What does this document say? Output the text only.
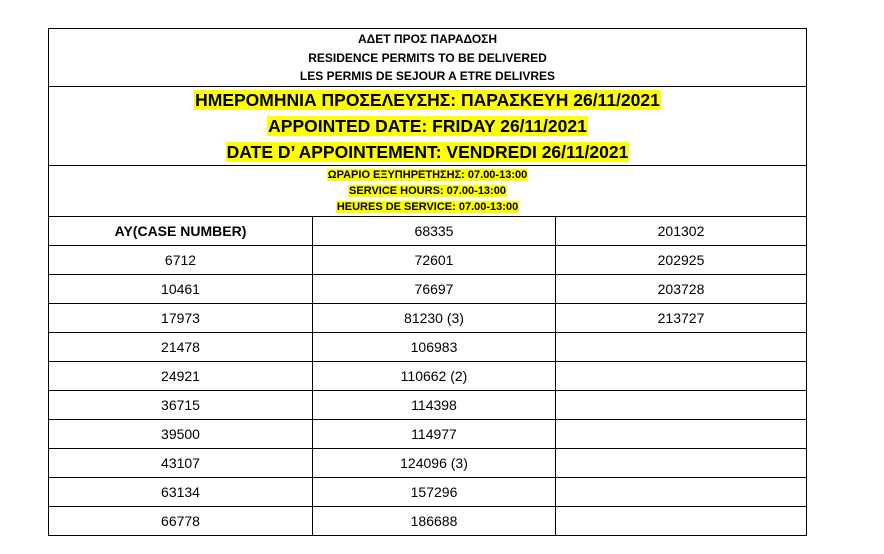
ΑΔΕΤ ΠΡΟΣ ΠΑΡΑΔΟΣΗ
RESIDENCE PERMITS TO BE DELIVERED
LES PERMIS DE SEJOUR A ETRE DELIVRES		

ΗΜΕΡΟΜΗΝΙΑ ΠΡΟΣΕΛΕΥΣΗΣ: ΠΑΡΑΣΚΕΥΗ 26/11/2021
APPOINTED DATE: FRIDAY 26/11/2021
DATE D’ APPOINTEMENT: VENDREDI 26/11/2021		

ΩΡΑΡΙΟ ΕΞΥΠΗΡΕΤΗΣΗΣ: 07.00-13:00
SERVICE HOURS: 07.00-13:00
HEURES DE SERVICE: 07.00-13:00		

AY(CASE NUMBER)	68335	201302
6712	72601	202925
10461	76697	203728
17973	81230 (3)	213727
21478	106983	
24921	110662 (2)	
36715	114398	
39500	114977	
43107	124096 (3)	
63134	157296	
66778	186688	
